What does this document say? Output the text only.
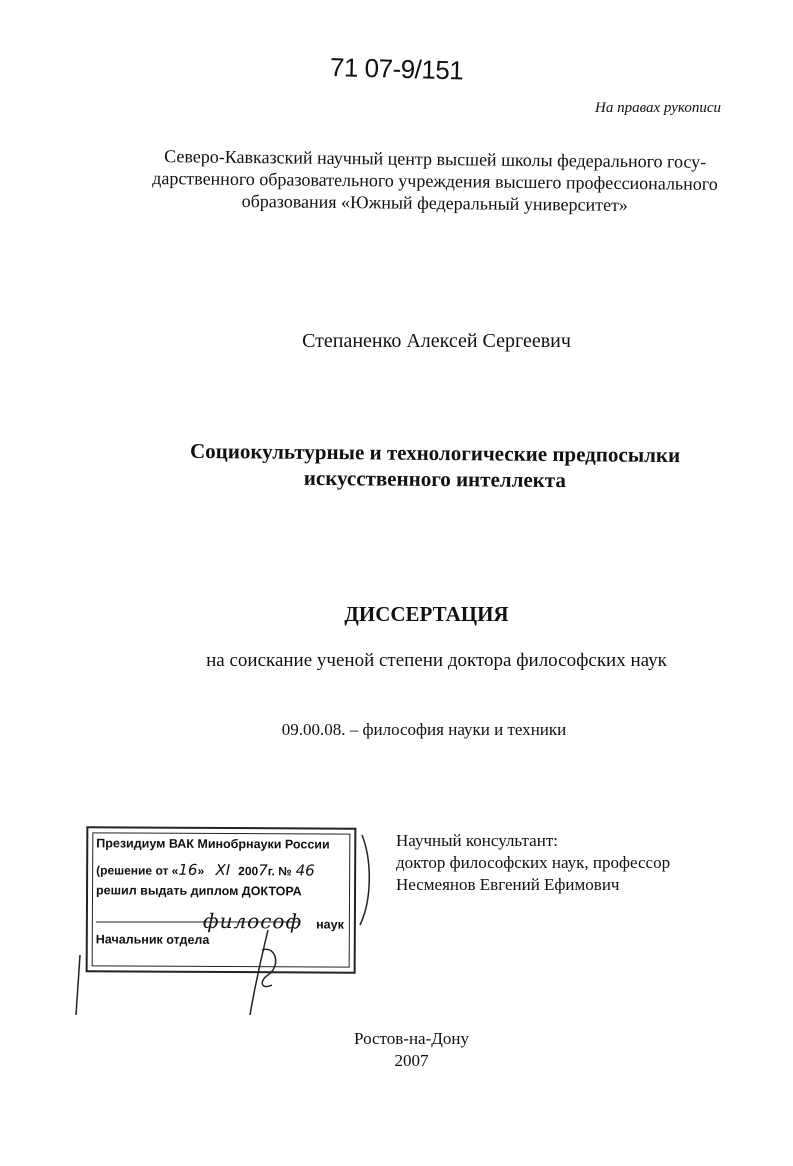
71 07-9/151
На правах рукописи
Северо-Кавказский научный центр высшей школы федерального госу-
дарственного образовательного учреждения высшего профессионального
образования «Южный федеральный университет»
Степаненко Алексей Сергеевич
Социокультурные и технологические предпосылки
искусственного интеллекта
ДИССЕРТАЦИЯ
на соискание ученой степени доктора философских наук
09.00.08. – философия науки и техники
Президиум ВАК Минобрнауки России
(решение от «16» XI 2007г. № 46
решил выдать диплом ДОКТОРА
философ наук
Начальник отдела
Научный консультант:
доктор философских наук, профессор
Несмеянов Евгений Ефимович
Ростов-на-Дону
2007
